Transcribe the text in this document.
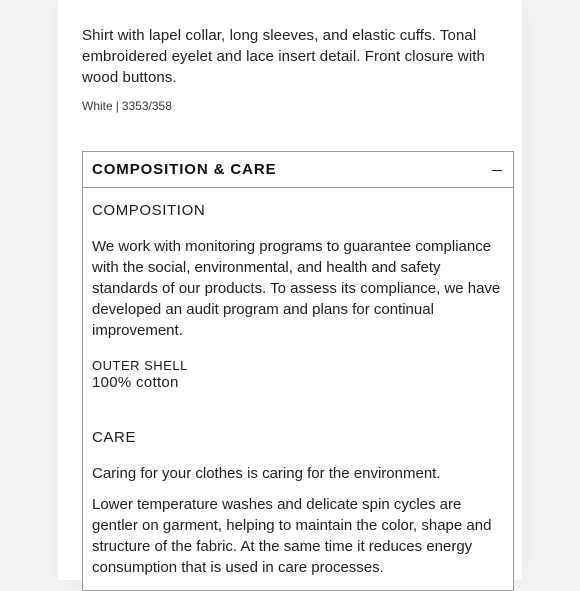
Shirt with lapel collar, long sleeves, and elastic cuffs. Tonal embroidered eyelet and lace insert detail. Front closure with wood buttons.

White | 3353/358

COMPOSITION & CARE
COMPOSITION

We work with monitoring programs to guarantee compliance with the social, environmental, and health and safety standards of our products. To assess its compliance, we have developed an audit program and plans for continual improvement.

OUTER SHELL

100% cotton

CARE

Caring for your clothes is caring for the environment.

Lower temperature washes and delicate spin cycles are gentler on garment, helping to maintain the color, shape and structure of the fabric. At the same time it reduces energy consumption that is used in care processes.
